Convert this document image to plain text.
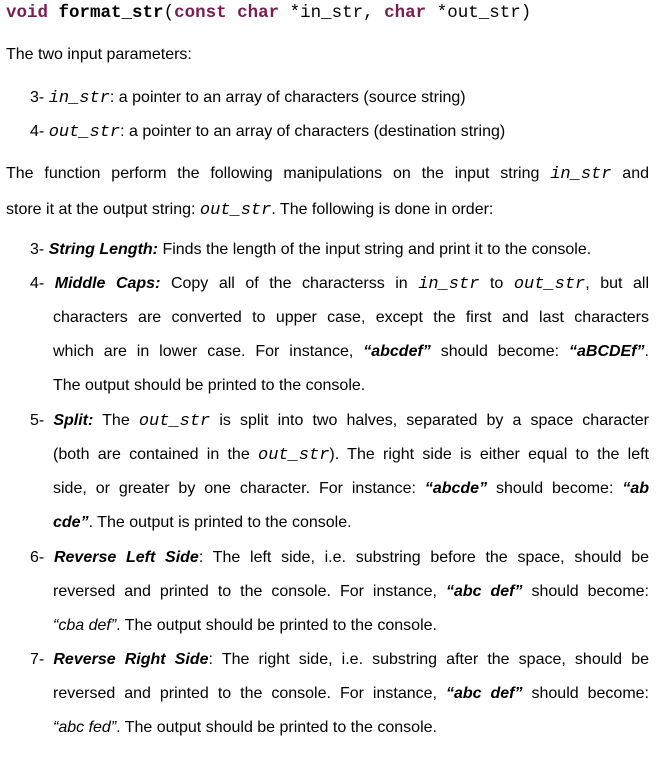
void format_str(const char *in_str, char *out_str)
The two input parameters:
3- in_str: a pointer to an array of characters (source string)
4- out_str: a pointer to an array of characters (destination string)
The function perform the following manipulations on the input string in_str and
store it at the output string: out_str. The following is done in order:
3- String Length: Finds the length of the input string and print it to the console.
4- Middle Caps: Copy all of the characterss in in_str to out_str, but all
characters are converted to upper case, except the first and last characters
which are in lower case. For instance, “abcdef” should become: “aBCDEf”.
The output should be printed to the console.
5- Split: The out_str is split into two halves, separated by a space character
(both are contained in the out_str). The right side is either equal to the left
side, or greater by one character. For instance: “abcde” should become: “ab
cde”. The output is printed to the console.
6- Reverse Left Side: The left side, i.e. substring before the space, should be
reversed and printed to the console. For instance, “abc def” should become:
“cba def”. The output should be printed to the console.
7- Reverse Right Side: The right side, i.e. substring after the space, should be
reversed and printed to the console. For instance, “abc def” should become:
“abc fed”. The output should be printed to the console.
